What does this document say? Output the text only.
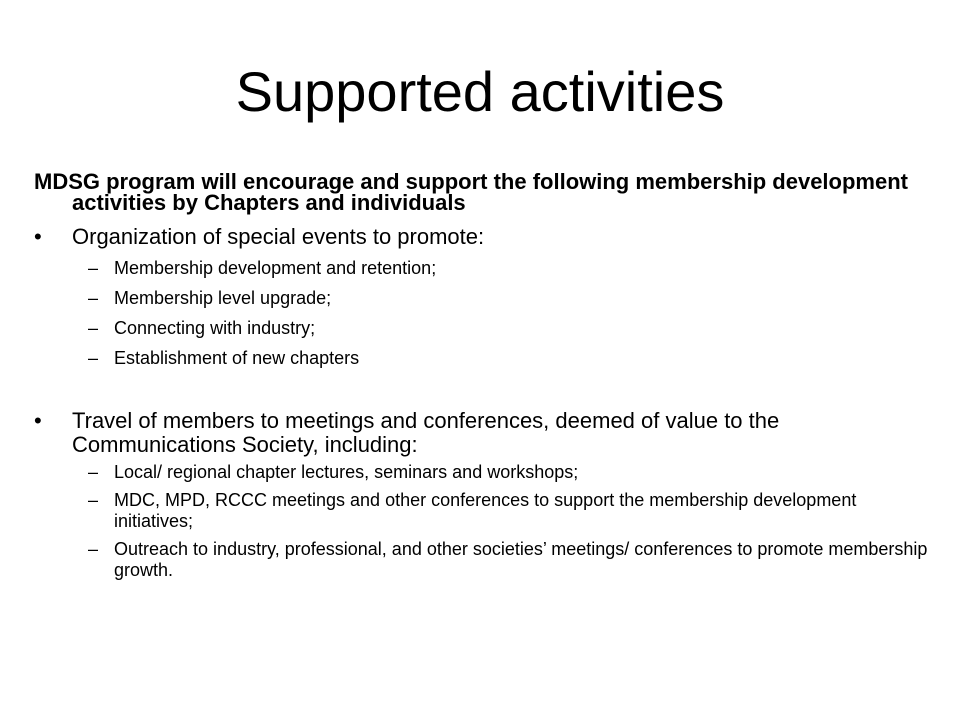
Supported activities

MDSG program will encourage and support the following membership development activities by Chapters and individuals

• Organization of special events to promote:
– Membership development and retention;
– Membership level upgrade;
– Connecting with industry;
– Establishment of new chapters
• Travel of members to meetings and conferences, deemed of value to the Communications Society, including:
– Local/ regional chapter lectures, seminars and workshops;
– MDC, MPD, RCCC meetings and other conferences to support the membership development initiatives;
– Outreach to industry, professional, and other societies’ meetings/ conferences to promote membership growth.
